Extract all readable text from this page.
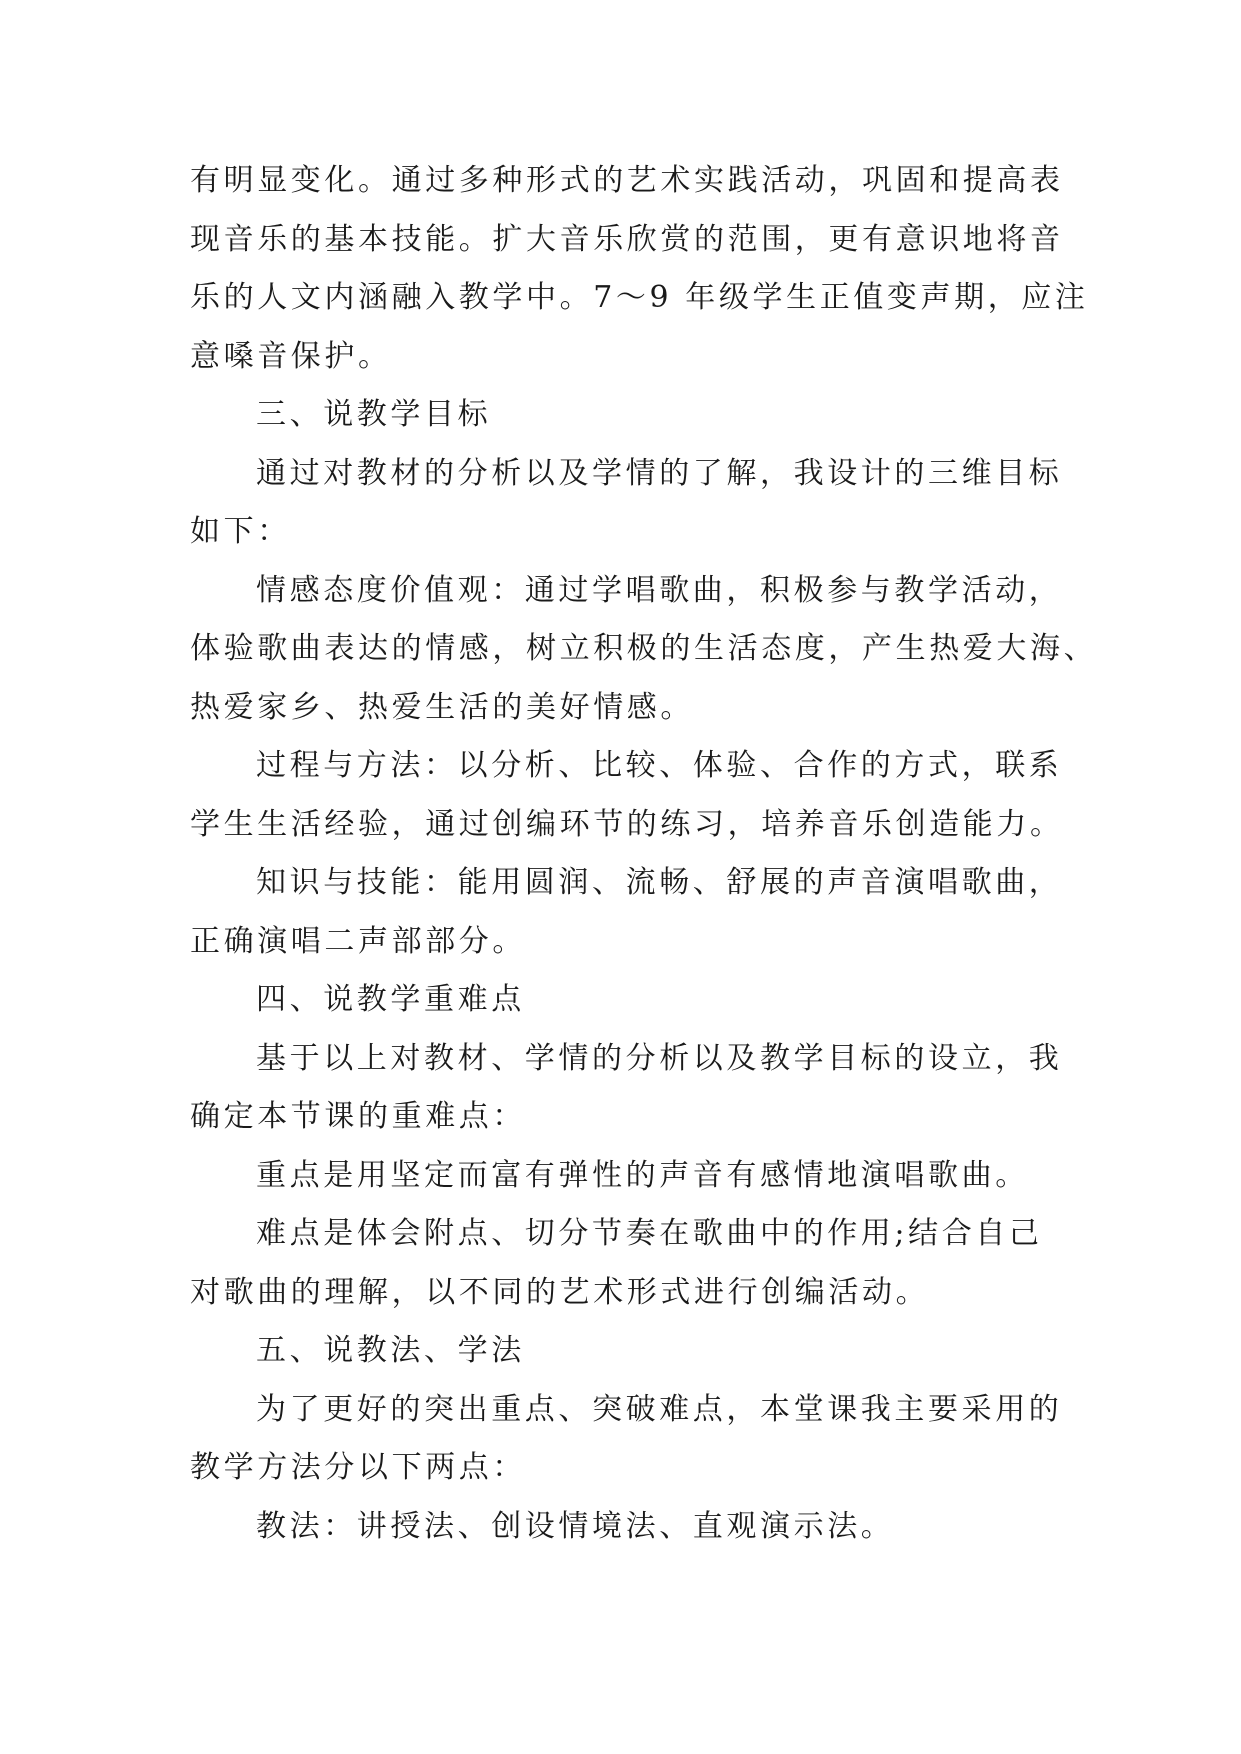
有明显变化。通过多种形式的艺术实践活动，巩固和提高表
现音乐的基本技能。扩大音乐欣赏的范围，更有意识地将音
乐的人文内涵融入教学中。7～9 年级学生正值变声期，应注
意嗓音保护。
三、说教学目标
通过对教材的分析以及学情的了解，我设计的三维目标
如下：
情感态度价值观：通过学唱歌曲，积极参与教学活动，
体验歌曲表达的情感，树立积极的生活态度，产生热爱大海、
热爱家乡、热爱生活的美好情感。
过程与方法：以分析、比较、体验、合作的方式，联系
学生生活经验，通过创编环节的练习，培养音乐创造能力。
知识与技能：能用圆润、流畅、舒展的声音演唱歌曲，
正确演唱二声部部分。
四、说教学重难点
基于以上对教材、学情的分析以及教学目标的设立，我
确定本节课的重难点：
重点是用坚定而富有弹性的声音有感情地演唱歌曲。
难点是体会附点、切分节奏在歌曲中的作用;结合自己
对歌曲的理解，以不同的艺术形式进行创编活动。
五、说教法、学法
为了更好的突出重点、突破难点，本堂课我主要采用的
教学方法分以下两点：
教法：讲授法、创设情境法、直观演示法。
